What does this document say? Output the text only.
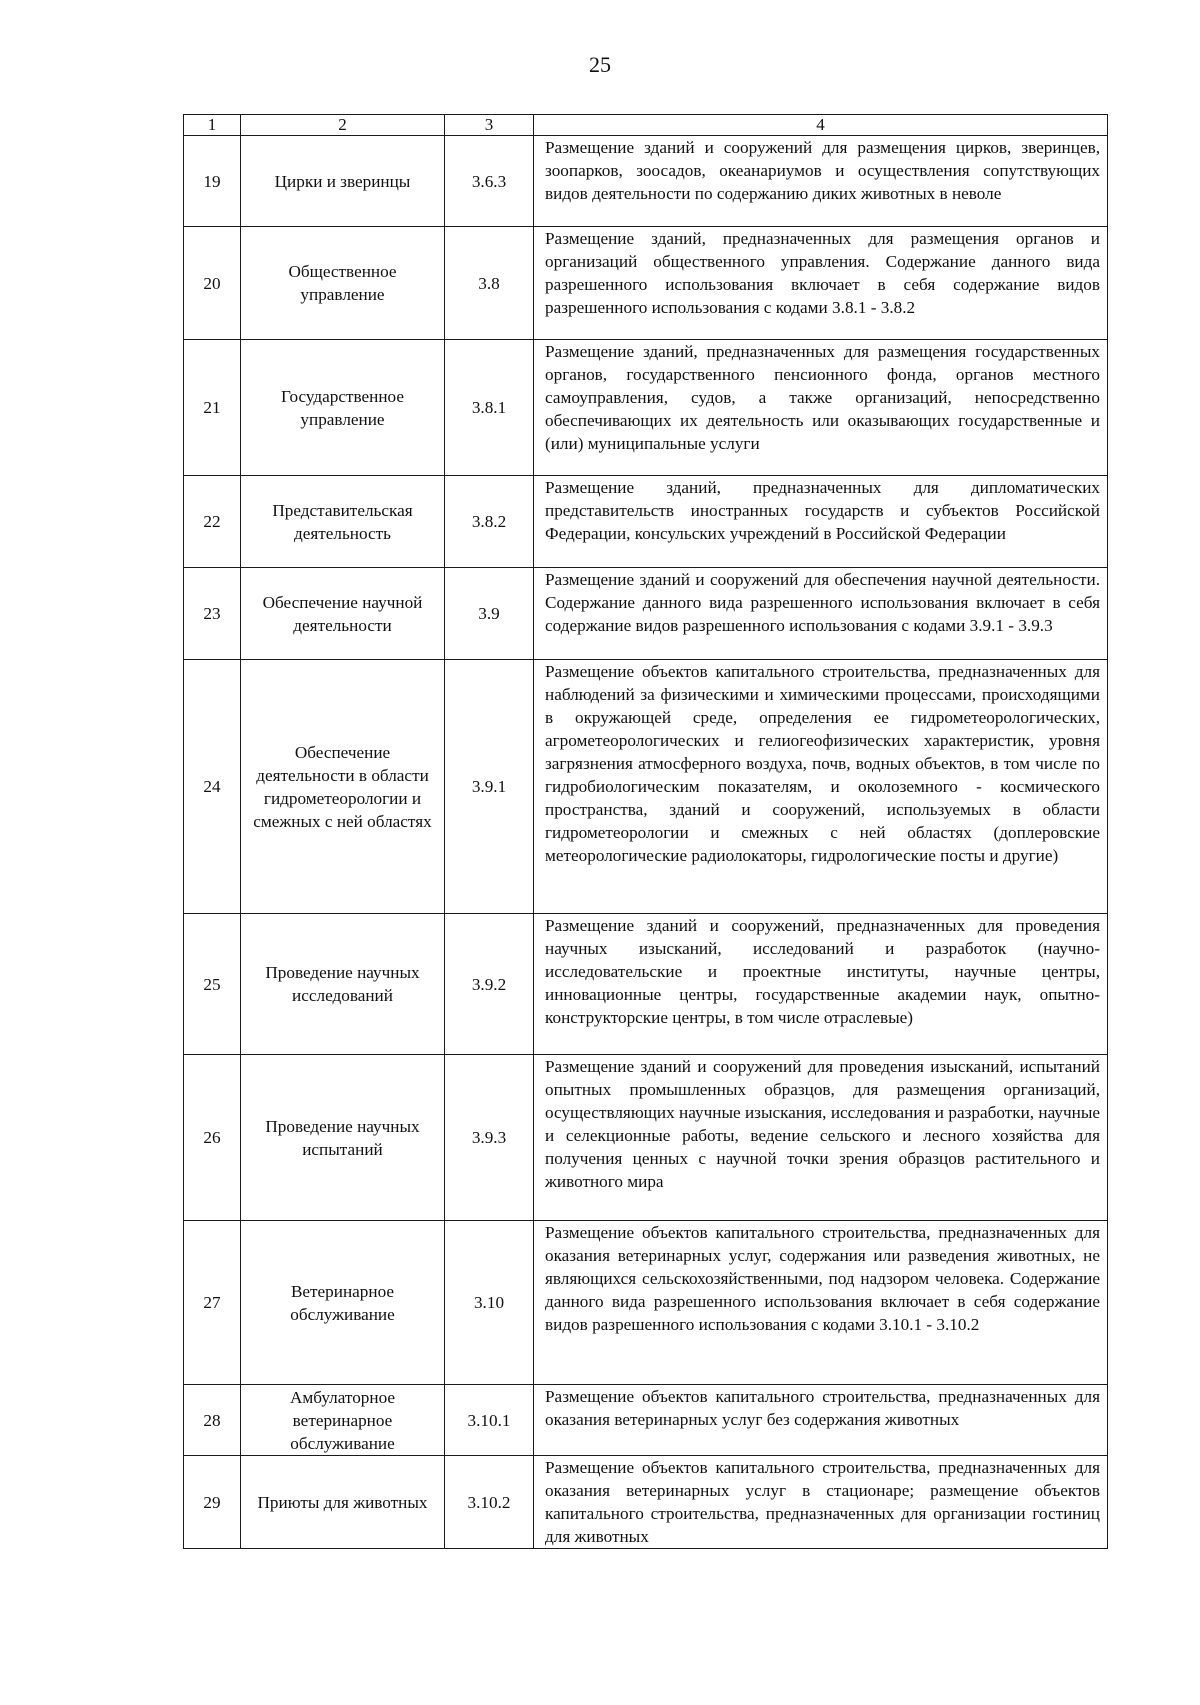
25
1	2	3	4
19	Цирки и зверинцы	3.6.3	Размещение зданий и сооружений для размещения цирков, зверинцев, зоопарков, зоосадов, океанариумов и осуществления сопутствующих видов деятельности по содержанию диких животных в неволе
20	Общественное управление	3.8	Размещение зданий, предназначенных для размещения органов и организаций общественного управления. Содержание данного вида разрешенного использования включает в себя содержание видов разрешенного использования с кодами 3.8.1 - 3.8.2
21	Государственное управление	3.8.1	Размещение зданий, предназначенных для размещения государственных органов, государственного пенсионного фонда, органов местного самоуправления, судов, а также организаций, непосредственно обеспечивающих их деятельность или оказывающих государственные и (или) муниципальные услуги
22	Представительская деятельность	3.8.2	Размещение зданий, предназначенных для дипломатических представительств иностранных государств и субъектов Российской Федерации, консульских учреждений в Российской Федерации
23	Обеспечение научной деятельности	3.9	Размещение зданий и сооружений для обеспечения научной деятельности. Содержание данного вида разрешенного использования включает в себя содержание видов разрешенного использования с кодами 3.9.1 - 3.9.3
24	Обеспечение деятельности в области гидрометеорологии и смежных с ней областях	3.9.1	Размещение объектов капитального строительства, предназначенных для наблюдений за физическими и химическими процессами, происходящими в окружающей среде, определения ее гидрометеорологических, агрометеорологических и гелиогеофизических характеристик, уровня загрязнения атмосферного воздуха, почв, водных объектов, в том числе по гидробиологическим показателям, и околоземного - космического пространства, зданий и сооружений, используемых в области гидрометеорологии и смежных с ней областях (доплеровские метеорологические радиолокаторы, гидрологические посты и другие)
25	Проведение научных исследований	3.9.2	Размещение зданий и сооружений, предназначенных для проведения научных изысканий, исследований и разработок (научно-исследовательские и проектные институты, научные центры, инновационные центры, государственные академии наук, опытно-конструкторские центры, в том числе отраслевые)
26	Проведение научных испытаний	3.9.3	Размещение зданий и сооружений для проведения изысканий, испытаний опытных промышленных образцов, для размещения организаций, осуществляющих научные изыскания, исследования и разработки, научные и селекционные работы, ведение сельского и лесного хозяйства для получения ценных с научной точки зрения образцов растительного и животного мира
27	Ветеринарное обслуживание	3.10	Размещение объектов капитального строительства, предназначенных для оказания ветеринарных услуг, содержания или разведения животных, не являющихся сельскохозяйственными, под надзором человека. Содержание данного вида разрешенного использования включает в себя содержание видов разрешенного использования с кодами 3.10.1 - 3.10.2
28	Амбулаторное ветеринарное обслуживание	3.10.1	Размещение объектов капитального строительства, предназначенных для оказания ветеринарных услуг без содержания животных
29	Приюты для животных	3.10.2	Размещение объектов капитального строительства, предназначенных для оказания ветеринарных услуг в стационаре; размещение объектов капитального строительства, предназначенных для организации гостиниц для животных
